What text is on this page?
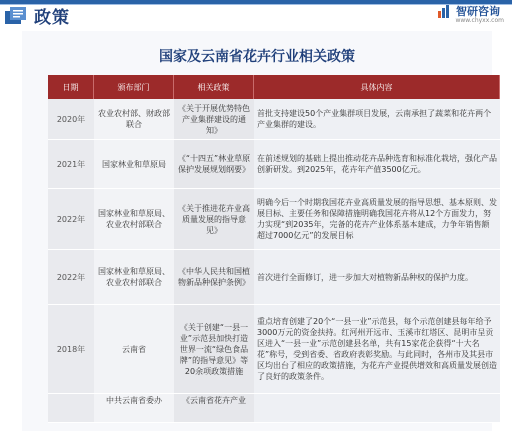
政策	智研咨询
www.chyxx.com
国家及云南省花卉行业相关政策
日期	颁布部门	相关政策	具体内容
2020年	农业农村部、财政部联合	《关于开展优势特色产业集群建设的通知》	首批支持建设50个产业集群项目发展，云南承担了蔬菜和花卉两个产业集群的建设。
2021年	国家林业和草原局	《“十四五”林业草原保护发展规划纲要》	在前述规划的基础上提出推动花卉品种选育和标准化栽培，强化产品创新研发。到2025年，花卉年产值3500亿元。
2022年	国家林业和草原局、农业农村部联合	《关于推进花卉业高质量发展的指导意见》	明确今后一个时期我国花卉业高质量发展的指导思想、基本原则、发展目标、主要任务和保障措施明确我国花卉将从12个方面发力，努力实现“到2035年，完备的花卉产业体系基本建成，力争年销售额超过7000亿元”的发展目标
2022年	国家林业和草原局、农业农村部联合	《中华人民共和国植物新品种保护条例》	首次进行全面修订，进一步加大对植物新品种权的保护力度。
2018年	云南省	《关于创建“一县一业”示范县加快打造世界一流“绿色食品牌”的指导意见》等20余项政策措施	重点培育创建了20个“一县一业”示范县，每个示范创建县每年给予3000万元的资金扶持。红河州开远市、玉溪市红塔区、昆明市呈贡区进入“一县一业”示范创建县名单，共有15家花企获得“十大名花”称号，受到省委、省政府表彰奖励。与此同时，各州市及其县市区均出台了相应的政策措施，为花卉产业提供增效和高质量发展创造了良好的政策条件。
	中共云南省委办	《云南省花卉产业	
